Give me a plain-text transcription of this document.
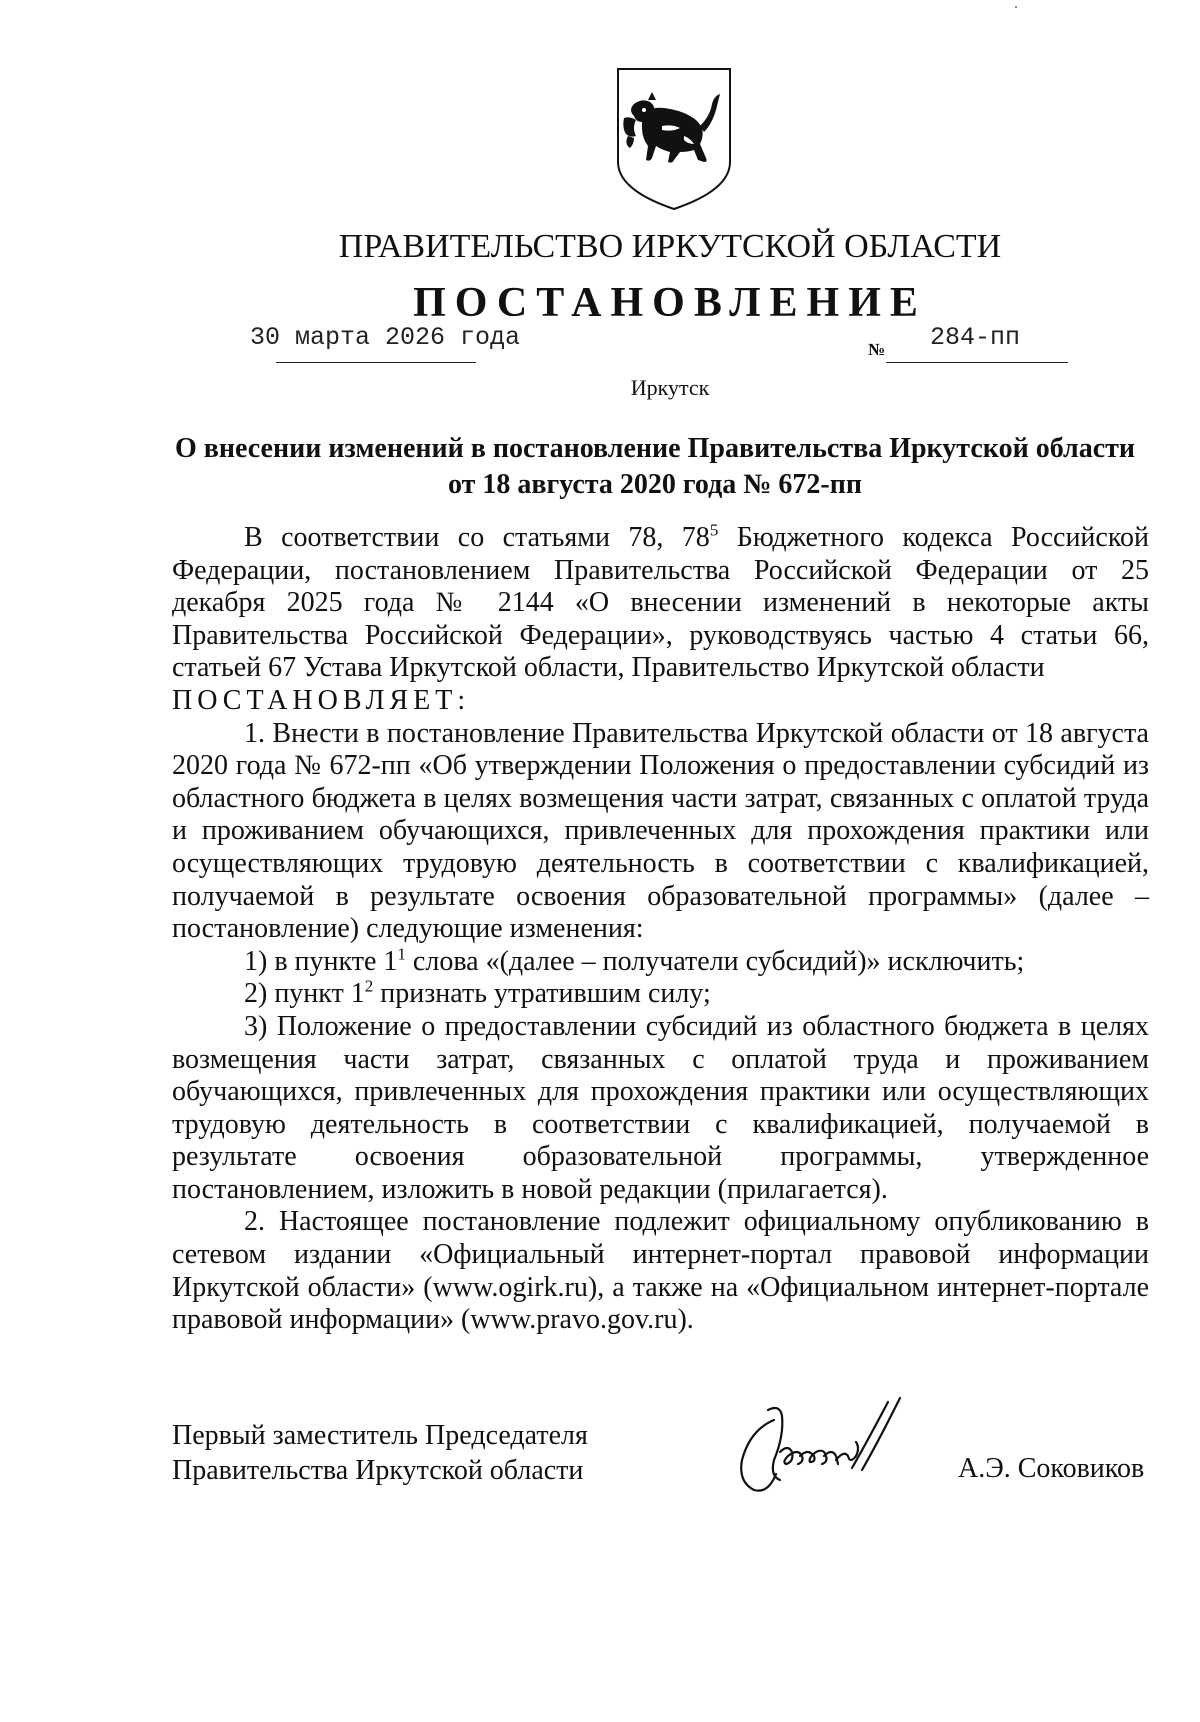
ПРАВИТЕЛЬСТВО ИРКУТСКОЙ ОБЛАСТИ
ПОСТАНОВЛЕНИЕ
30 марта 2026 года	№ 284-пп
Иркутск
О внесении изменений в постановление Правительства Иркутской области
от 18 августа 2020 года № 672-пп

В соответствии со статьями 78, $78^5$ Бюджетного кодекса Российской Федерации, постановлением Правительства Российской Федерации от 25 декабря 2025 года № 2144 «О внесении изменений в некоторые акты Правительства Российской Федерации», руководствуясь частью 4 статьи 66, статьей 67 Устава Иркутской области, Правительство Иркутской области

ПОСТАНОВЛЯЕТ:

1. Внести в постановление Правительства Иркутской области от 18 августа 2020 года № 672-пп «Об утверждении Положения о предоставлении субсидий из областного бюджета в целях возмещения части затрат, связанных с оплатой труда и проживанием обучающихся, привлеченных для прохождения практики или осуществляющих трудовую деятельность в соответствии с квалификацией, получаемой в результате освоения образовательной программы» (далее – постановление) следующие изменения:

1) в пункте $1^1$ слова «(далее – получатели субсидий)» исключить;

2) пункт $1^2$ признать утратившим силу;

3) Положение о предоставлении субсидий из областного бюджета в целях возмещения части затрат, связанных с оплатой труда и проживанием обучающихся, привлеченных для прохождения практики или осуществляющих трудовую деятельность в соответствии с квалификацией, получаемой в результате освоения образовательной программы, утвержденное постановлением, изложить в новой редакции (прилагается).

2. Настоящее постановление подлежит официальному опубликованию в сетевом издании «Официальный интернет-портал правовой информации Иркутской области» (www.ogirk.ru), а также на «Официальном интернет-портале правовой информации» (www.pravo.gov.ru).

Первый заместитель Председателя
Правительства Иркутской области	А.Э. Соковиков
